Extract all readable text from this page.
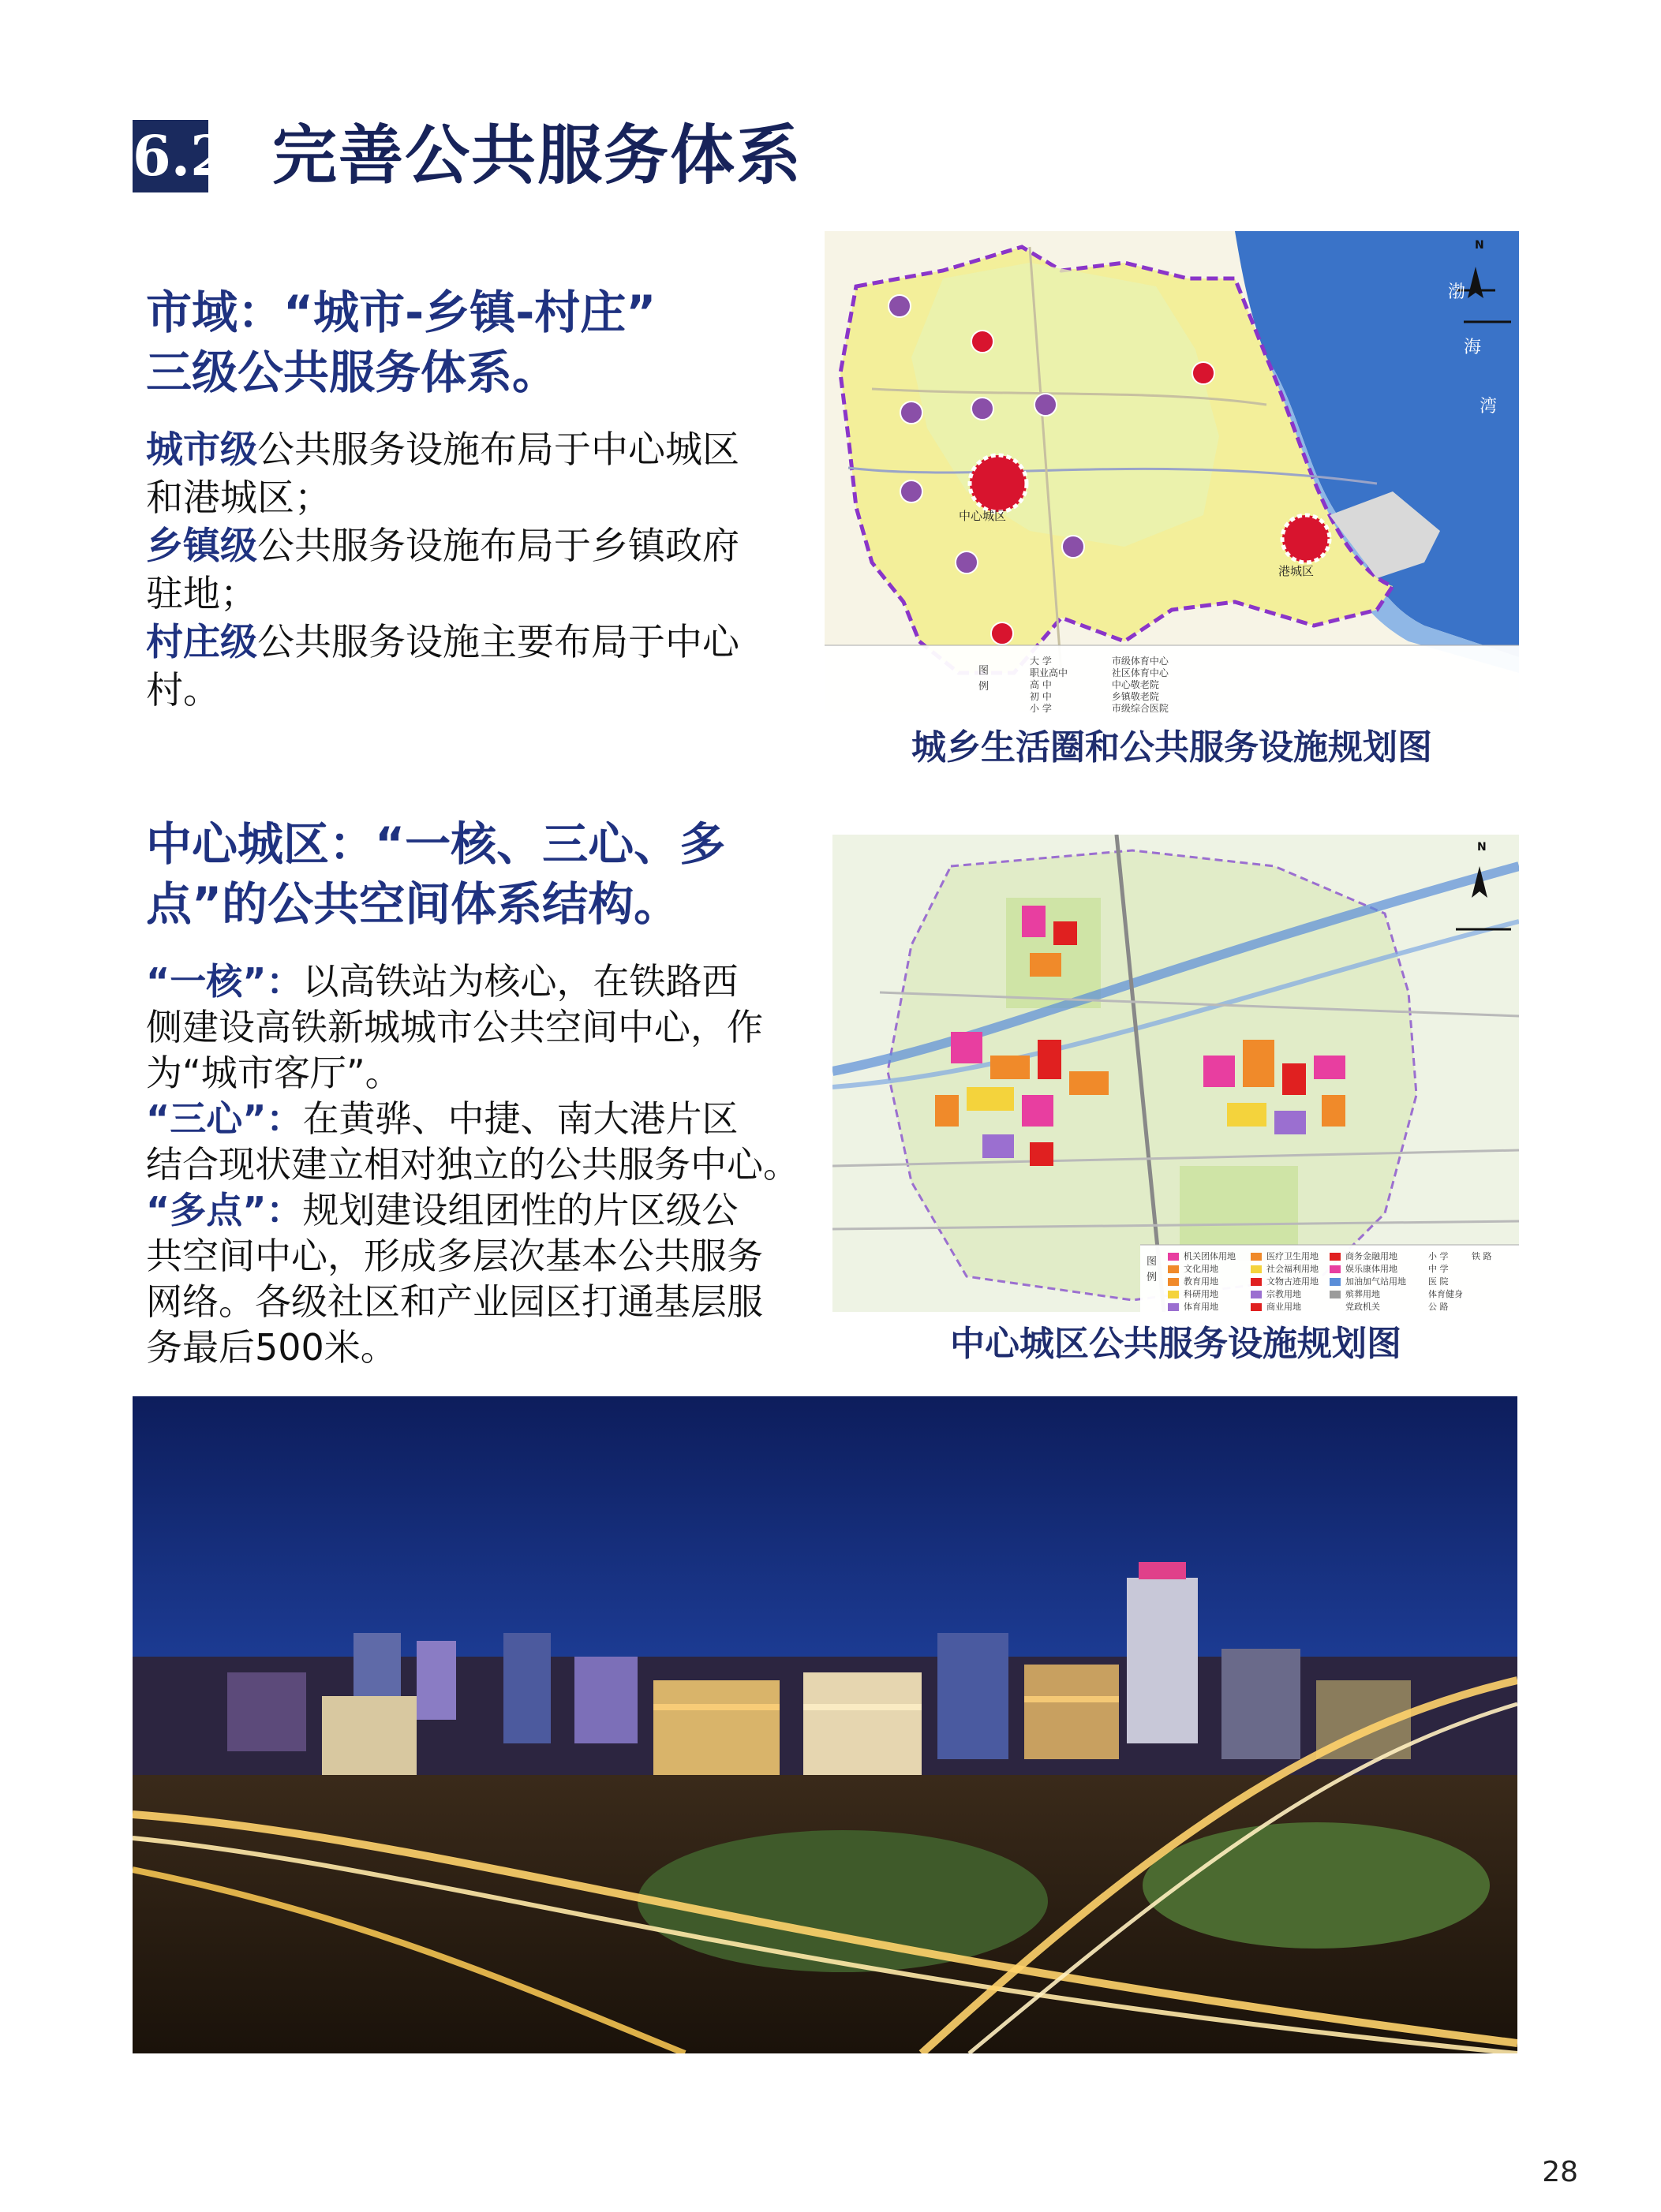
6.2 完善公共服务体系
市域：“城市-乡镇-村庄”
三级公共服务体系。
城市级公共服务设施布局于中心城区
和港城区；
乡镇级公共服务设施布局于乡镇政府
驻地；
村庄级公共服务设施主要布局于中心
村。
N
渤
海
湾
中心城区
港城区
大 学	市级体育中心
职业高中	社区体育中心
高 中	中心敬老院
初 中	乡镇敬老院
小 学	市级综合医院
图
例
城乡生活圈和公共服务设施规划图
中心城区：“一核、三心、多
点”的公共空间体系结构。
“一核”：以高铁站为核心，在铁路西
侧建设高铁新城城市公共空间中心，作
为“城市客厅”。
“三心”：在黄骅、中捷、南大港片区
结合现状建立相对独立的公共服务中心。
“多点”：规划建设组团性的片区级公
共空间中心，形成多层次基本公共服务
网络。各级社区和产业园区打通基层服
务最后500米。
N
图
例
机关团体用地
文化用地
教育用地
科研用地
体育用地
医疗卫生用地
社会福利用地
文物古迹用地
宗教用地
商业用地
商务金融用地
娱乐康体用地
加油加气站用地
殡葬用地
党政机关
小 学
中 学
医 院
体育健身
公 路
铁 路
中心城区公共服务设施规划图
28
